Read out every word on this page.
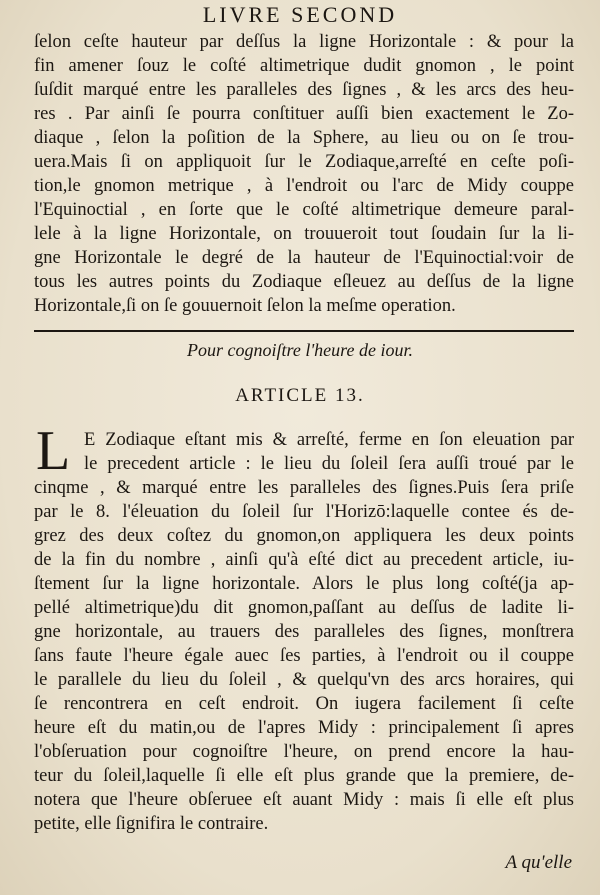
LIVRE SECOND
ſelon ceſte hauteur par deſſus la ligne Horizontale : & pour la
fin amener ſouz le coſté altimetrique dudit gnomon , le point
ſuſdit marqué entre les paralleles des ſignes , & les arcs des heu-
res . Par ainſi ſe pourra conſtituer auſſi bien exactement le Zo-
diaque , ſelon la poſition de la Sphere, au lieu ou on ſe trou-
uera.Mais ſi on appliquoit ſur le Zodiaque,arreſté en ceſte poſi-
tion,le gnomon metrique , à l'endroit ou l'arc de Midy couppe
l'Equinoctial , en ſorte que le coſté altimetrique demeure paral-
lele à la ligne Horizontale, on trouueroit tout ſoudain ſur la li-
gne Horizontale le degré de la hauteur de l'Equinoctial:voir de
tous les autres points du Zodiaque eſleuez au deſſus de la ligne
Horizontale,ſi on ſe gouuernoit ſelon la meſme operation.
Pour cognoiſtre l'heure de iour.
ARTICLE 13.
L E Zodiaque eſtant mis & arreſté, ferme en ſon eleuation par
le precedent article : le lieu du ſoleil ſera auſſi troué par le
cinqme , & marqué entre les paralleles des ſignes.Puis ſera priſe
par le 8. l'éleuation du ſoleil ſur l'Horizō:laquelle contee és de-
grez des deux coſtez du gnomon,on appliquera les deux points
de la fin du nombre , ainſi qu'à eſté dict au precedent article, iu-
ſtement ſur la ligne horizontale. Alors le plus long coſté(ja ap-
pellé altimetrique)du dit gnomon,paſſant au deſſus de ladite li-
gne horizontale, au trauers des paralleles des ſignes, monſtrera
ſans faute l'heure égale auec ſes parties, à l'endroit ou il couppe
le parallele du lieu du ſoleil , & quelqu'vn des arcs horaires, qui
ſe rencontrera en ceſt endroit. On iugera facilement ſi ceſte
heure eſt du matin,ou de l'apres Midy : principalement ſi apres
l'obſeruation pour cognoiſtre l'heure, on prend encore la hau-
teur du ſoleil,laquelle ſi elle eſt plus grande que la premiere, de-
notera que l'heure obſeruee eſt auant Midy : mais ſi elle eſt plus
petite, elle ſignifira le contraire.
A qu'elle
